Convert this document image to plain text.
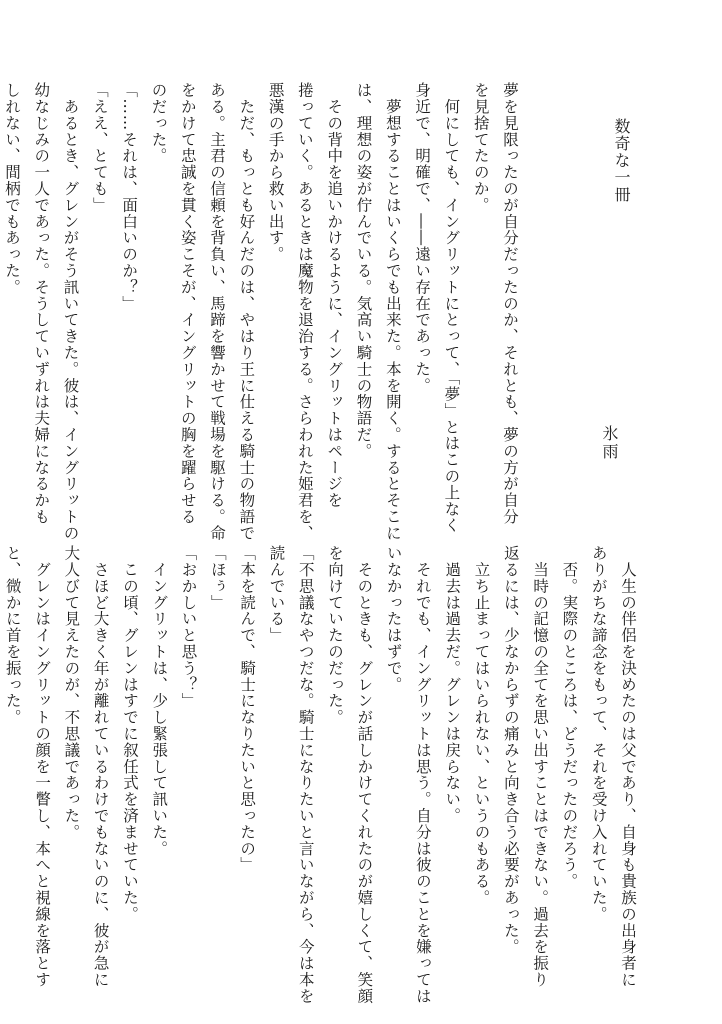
数奇な一冊
氷雨

夢を見限ったのが自分だったのか、それとも、夢の方が自分

を見捨てたのか。

　何にしても、イングリットにとって、「夢」とはこの上なく

身近で、明確で、――遠い存在であった。

　夢想することはいくらでも出来た。本を開く。するとそこに

は、理想の姿が佇んでいる。気高い騎士の物語だ。

　その背中を追いかけるように、イングリットはページを

捲っていく。あるときは魔物を退治する。さらわれた姫君を、

悪漢の手から救い出す。

　ただ、もっとも好んだのは、やはり王に仕える騎士の物語で

ある。主君の信頼を背負い、馬蹄を響かせて戦場を駆ける。命

をかけて忠誠を貫く姿こそが、イングリットの胸を躍らせる

のだった。

「……それは、面白いのか？」

「ええ、とても」

　あるとき、グレンがそう訊いてきた。彼は、イングリットの

幼なじみの一人であった。そうしていずれは夫婦になるかも

しれない、間柄でもあった。

　人生の伴侶を決めたのは父であり、自身も貴族の出身者に

ありがちな諦念をもって、それを受け入れていた。

　否。実際のところは、どうだったのだろう。

　当時の記憶の全てを思い出すことはできない。過去を振り

返るには、少なからずの痛みと向き合う必要があった。

　立ち止まってはいられない、というのもある。

　過去は過去だ。グレンは戻らない。

　それでも、イングリットは思う。自分は彼のことを嫌っては

いなかったはずで。

　そのときも、グレンが話しかけてくれたのが嬉しくて、笑顔

を向けていたのだった。

「不思議なやつだな。騎士になりたいと言いながら、今は本を

読んでいる」

「本を読んで、騎士になりたいと思ったの」

「ほぅ」

「おかしいと思う？」

　イングリットは、少し緊張して訊いた。

　この頃、グレンはすでに叙任式を済ませていた。

　さほど大きく年が離れているわけでもないのに、彼が急に

大人びて見えたのが、不思議であった。

　グレンはイングリットの顔を一瞥し、本へと視線を落とす

と、微かに首を振った。
